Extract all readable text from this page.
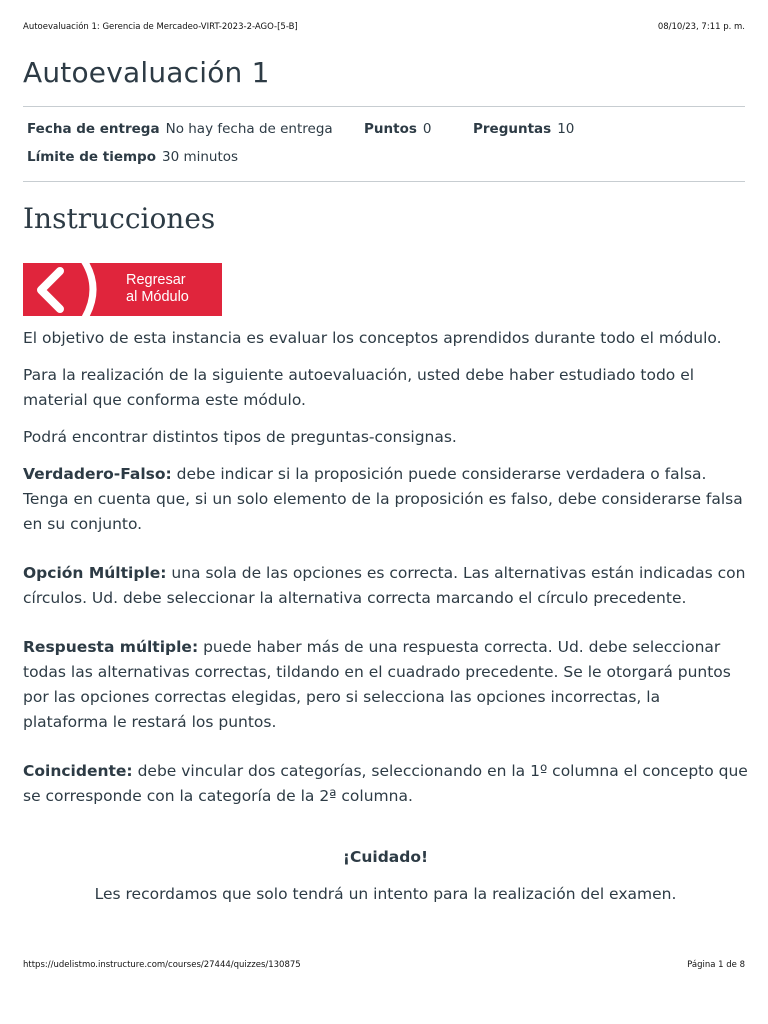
Autoevaluación 1: Gerencia de Mercadeo-VIRT-2023-2-AGO-[5-B]	08/10/23, 7:11 p. m.
Autoevaluación 1
Fecha de entrega No hay fecha de entrega Puntos 0	Preguntas 10
Límite de tiempo 30 minutos
Instrucciones
Regresar
al Módulo

El objetivo de esta instancia es evaluar los conceptos aprendidos durante todo el módulo.

Para la realización de la siguiente autoevaluación, usted debe haber estudiado todo el material que conforma este módulo.

Podrá encontrar distintos tipos de preguntas-consignas.

Verdadero-Falso: debe indicar si la proposición puede considerarse verdadera o falsa. Tenga en cuenta que, si un solo elemento de la proposición es falso, debe considerarse falsa en su conjunto.

Opción Múltiple: una sola de las opciones es correcta. Las alternativas están indicadas con círculos. Ud. debe seleccionar la alternativa correcta marcando el círculo precedente.

Respuesta múltiple: puede haber más de una respuesta correcta. Ud. debe seleccionar todas las alternativas correctas, tildando en el cuadrado precedente. Se le otorgará puntos por las opciones correctas elegidas, pero si selecciona las opciones incorrectas, la plataforma le restará los puntos.

Coincidente: debe vincular dos categorías, seleccionando en la 1º columna el concepto que se corresponde con la categoría de la 2ª columna.

¡Cuidado!

Les recordamos que solo tendrá un intento para la realización del examen.

https://udelistmo.instructure.com/courses/27444/quizzes/130875	Página 1 de 8
